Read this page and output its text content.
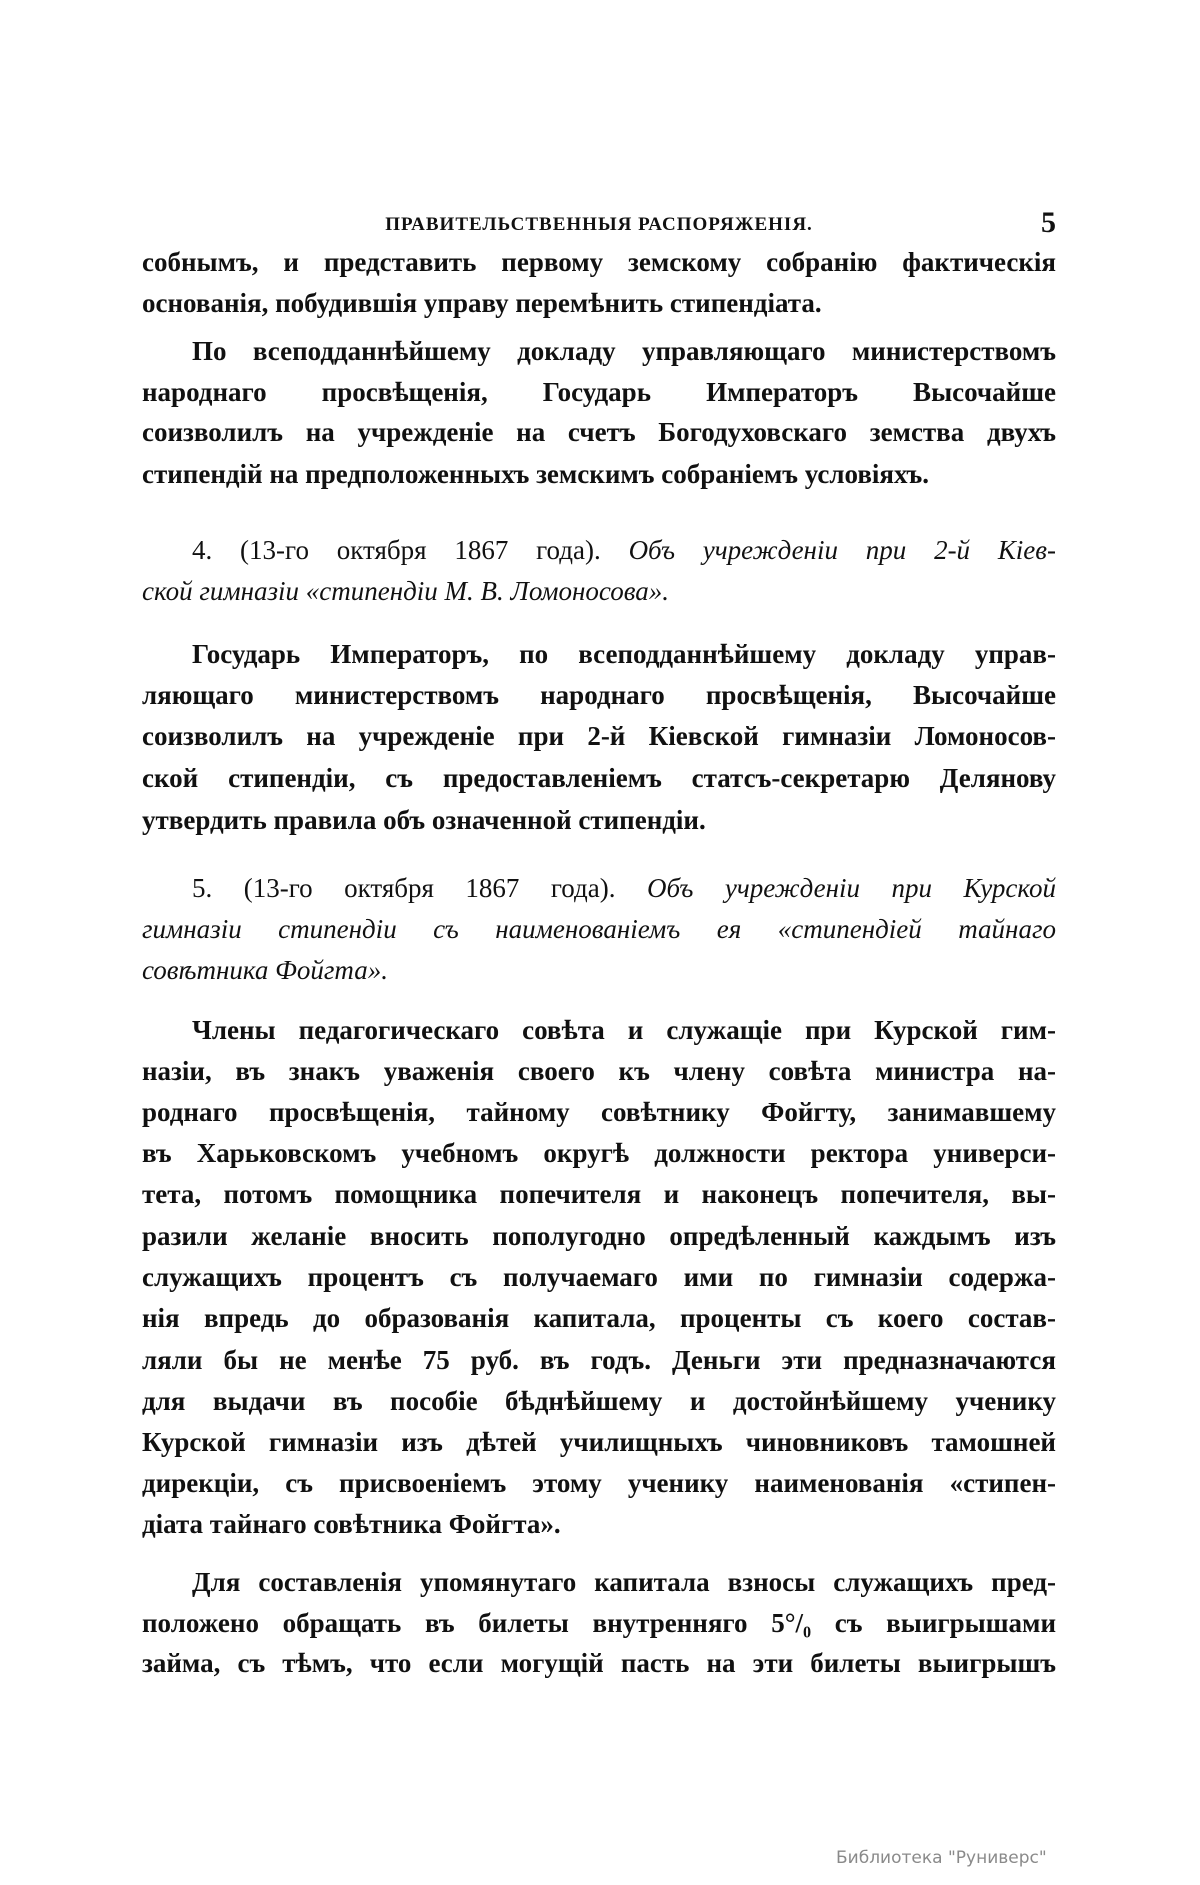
ПРАВИТЕЛЬСТВЕННЫЯ РАСПОРЯЖЕНІЯ.	5
собнымъ, и представить первому земскому собранію фактическія
основанія, побудившія управу перемѣнить стипендіата.
По всеподданнѣйшему докладу управляющаго министерствомъ
народнаго просвѣщенія, Государь Императоръ Высочайше
соизволилъ на учрежденіе на счетъ Богодуховскаго земства двухъ
стипендій на предположенныхъ земскимъ собраніемъ условіяхъ.
4. (13-го октября 1867 года). Объ учрежденіи при 2-й Кіев-
ской гимназіи «стипендіи М. В. Ломоносова».
Государь Императоръ, по всеподданнѣйшему докладу управ-
ляющаго министерствомъ народнаго просвѣщенія, Высочайше
соизволилъ на учрежденіе при 2-й Кіевской гимназіи Ломоносов-
ской стипендіи, съ предоставленіемъ статсъ-секретарю Делянову
утвердить правила объ означенной стипендіи.
5. (13-го октября 1867 года). Объ учрежденіи при Курской
гимназіи стипендіи съ наименованіемъ ея «стипендіей тайнаго
совѣтника Фойгта».
Члены педагогическаго совѣта и служащіе при Курской гим-
назіи, въ знакъ уваженія своего къ члену совѣта министра на-
роднаго просвѣщенія, тайному совѣтнику Фойгту, занимавшему
въ Харьковскомъ учебномъ округѣ должности ректора универси-
тета, потомъ помощника попечителя и наконецъ попечителя, вы-
разили желаніе вносить пополугодно опредѣленный каждымъ изъ
служащихъ процентъ съ получаемаго ими по гимназіи содержа-
нія впредь до образованія капитала, проценты съ коего состав-
ляли бы не менѣе 75 руб. въ годъ. Деньги эти предназначаются
для выдачи въ пособіе бѣднѣйшему и достойнѣйшему ученику
Курской гимназіи изъ дѣтей училищныхъ чиновниковъ тамошней
дирекціи, съ присвоеніемъ этому ученику наименованія «стипен-
діата тайнаго совѣтника Фойгта».
Для составленія упомянутаго капитала взносы служащихъ пред-
положено обращать въ билеты внутренняго 5°/₀ съ выигрышами
займа, съ тѣмъ, что если могущій пасть на эти билеты выигрышъ
Библиотека "Руниверс"
